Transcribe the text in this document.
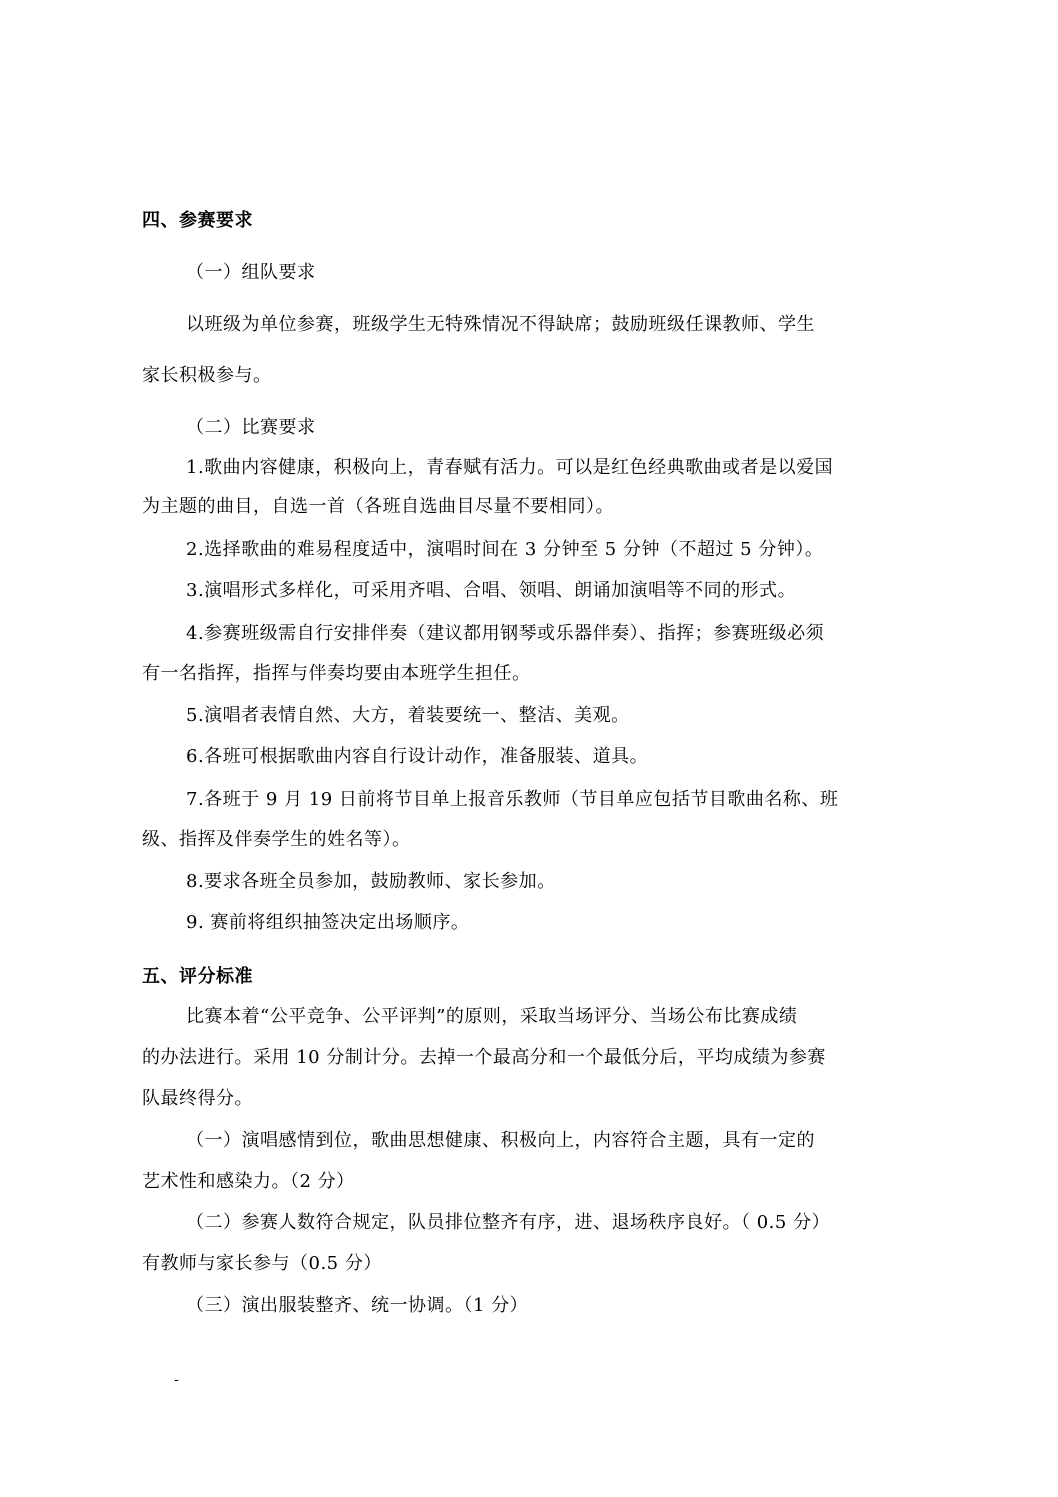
四、参赛要求
（一）组队要求
以班级为单位参赛，班级学生无特殊情况不得缺席；鼓励班级任课教师、学生
家长积极参与。
（二）比赛要求
1.歌曲内容健康，积极向上，青春赋有活力。可以是红色经典歌曲或者是以爱国
为主题的曲目，自选一首（各班自选曲目尽量不要相同）。
2.选择歌曲的难易程度适中，演唱时间在 3 分钟至 5 分钟（不超过 5 分钟）。
3.演唱形式多样化，可采用齐唱、合唱、领唱、朗诵加演唱等不同的形式。
4.参赛班级需自行安排伴奏（建议都用钢琴或乐器伴奏）、指挥；参赛班级必须
有一名指挥，指挥与伴奏均要由本班学生担任。
5.演唱者表情自然、大方，着装要统一、整洁、美观。
6.各班可根据歌曲内容自行设计动作，准备服装、道具。
7.各班于 9 月 19 日前将节目单上报音乐教师（节目单应包括节目歌曲名称、班
级、指挥及伴奏学生的姓名等）。
8.要求各班全员参加，鼓励教师、家长参加。
9. 赛前将组织抽签决定出场顺序。
五、评分标准
比赛本着“公平竞争、公平评判”的原则，采取当场评分、当场公布比赛成绩
的办法进行。采用 10 分制计分。去掉一个最高分和一个最低分后，平均成绩为参赛
队最终得分。
（一）演唱感情到位，歌曲思想健康、积极向上，内容符合主题，具有一定的
艺术性和感染力。（2 分）
（二）参赛人数符合规定，队员排位整齐有序，进、退场秩序良好。（ 0.5 分）
有教师与家长参与（0.5 分）
（三）演出服装整齐、统一协调。（1 分）
-
